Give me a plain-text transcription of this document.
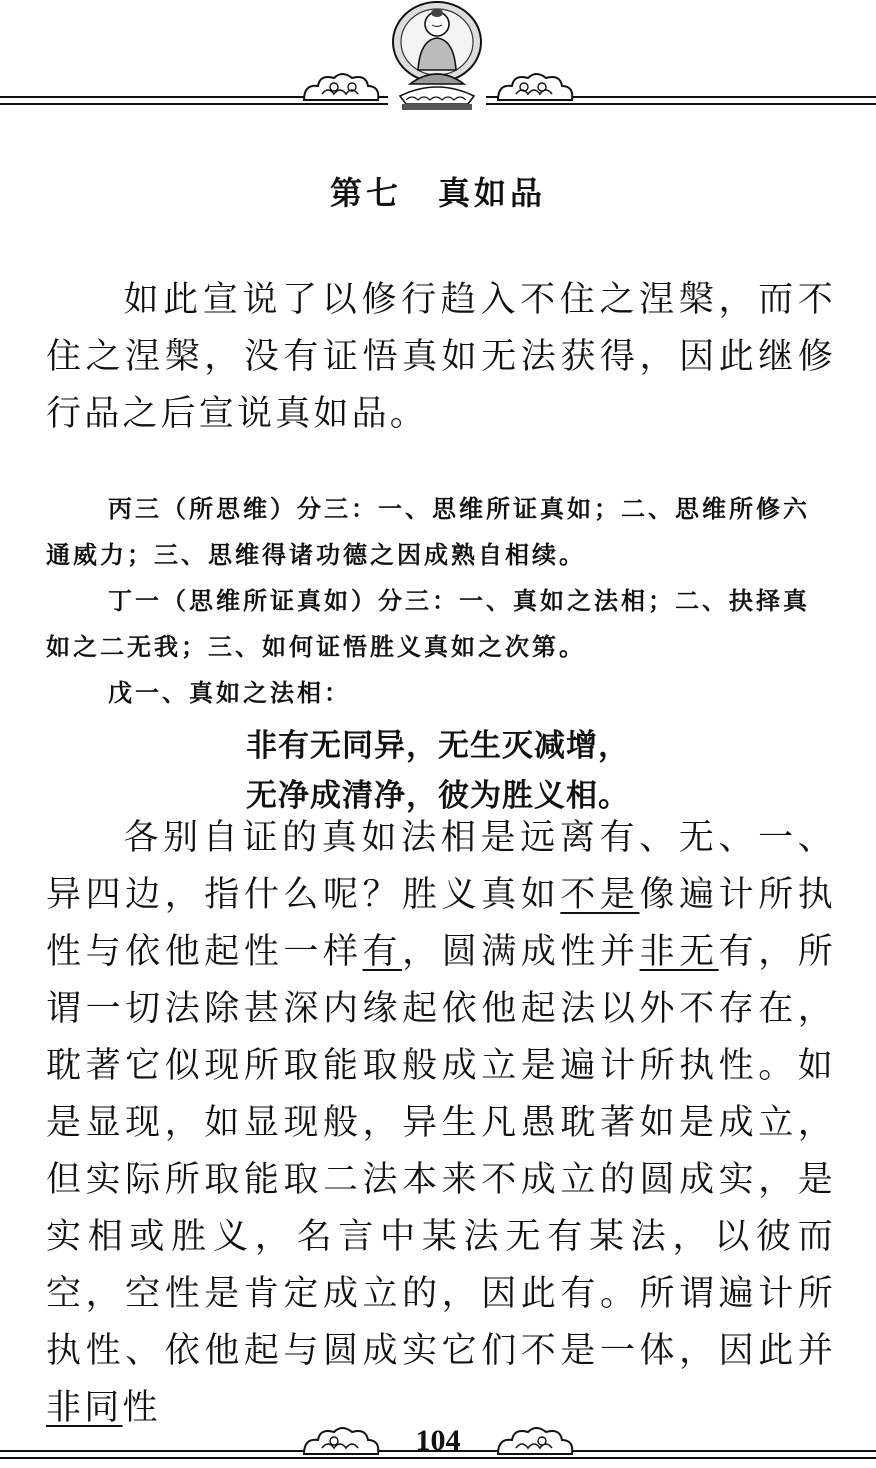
第七 真如品

如此宣说了以修行趋入不住之涅槃，而不住之涅槃，没有证悟真如无法获得，因此继修行品之后宣说真如品。

丙三（所思维）分三：一、思维所证真如；二、思维所修六通威力；三、思维得诸功德之因成熟自相续。

丁一（思维所证真如）分三：一、真如之法相；二、抉择真如之二无我；三、如何证悟胜义真如之次第。

戊一、真如之法相：

非有无同异，无生灭减增，
无净成清净，彼为胜义相。

各别自证的真如法相是远离有、无、一、异四边，指什么呢？胜义真如不是像遍计所执性与依他起性一样有，圆满成性并非无有，所谓一切法除甚深内缘起依他起法以外不存在，耽著它似现所取能取般成立是遍计所执性。如是显现，如显现般，异生凡愚耽著如是成立，但实际所取能取二法本来不成立的圆成实，是实相或胜义，名言中某法无有某法，以彼而空，空性是肯定成立的，因此有。所谓遍计所执性、依他起与圆成实它们不是一体，因此并非同性

104
